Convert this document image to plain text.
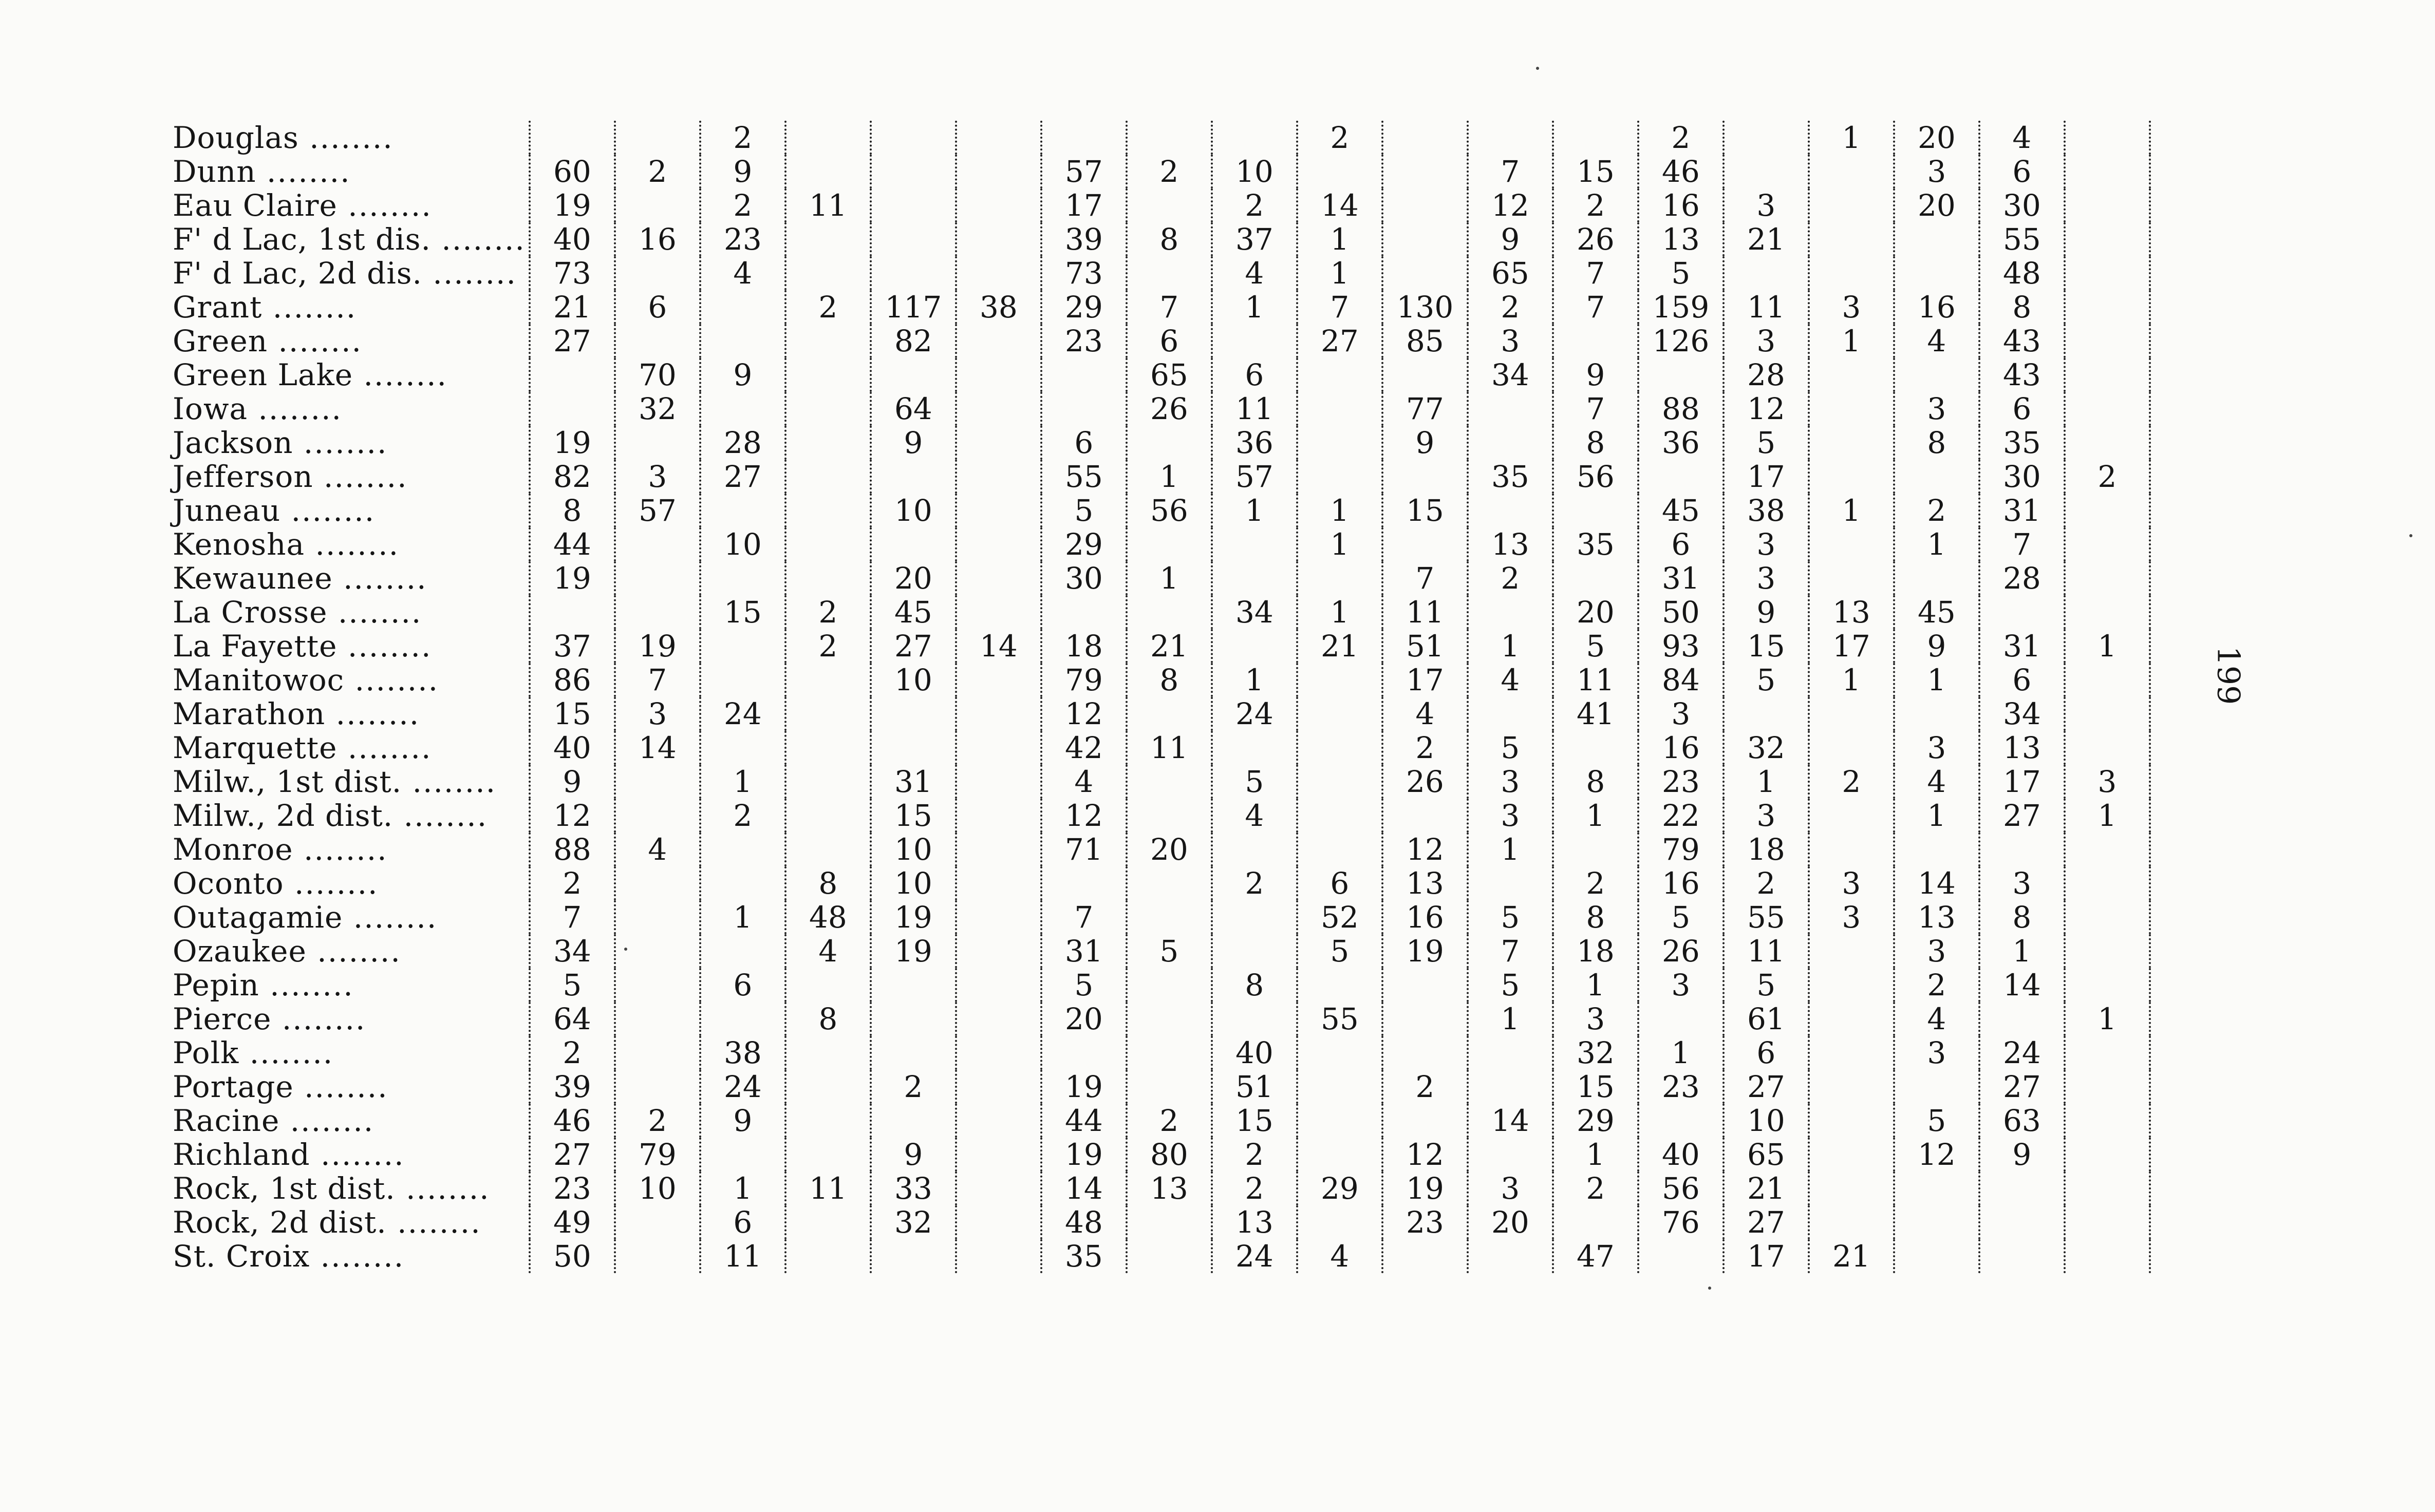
Douglas .....			2							2				2		1	20	4	
Dunn .....	60	2	9				57	2	10			7	15	46			3	6	
Eau Claire .....	19		2	11			17		2	14		12	2	16	3		20	30	
F' d Lac, 1st dis. .....	40	16	23				39	8	37	1		9	26	13	21			55	
F' d Lac, 2d dis. .....	73		4				73		4	1		65	7	5				48	
Grant .....	21	6		2	117	38	29	7	1	7	130	2	7	159	11	3	16	8	
Green .....	27				82		23	6		27	85	3		126	3	1	4	43	
Green Lake .....		70	9					65	6			34	9		28			43	
Iowa .....		32			64			26	11		77		7	88	12		3	6	
Jackson .....	19		28		9		6		36		9		8	36	5		8	35	
Jefferson .....	82	3	27				55	1	57			35	56		17			30	2
Juneau .....	8	57			10		5	56	1	1	15			45	38	1	2	31	
Kenosha .....	44		10				29			1		13	35	6	3		1	7	
Kewaunee .....	19				20		30	1			7	2		31	3			28	
La Crosse .....			15	2	45				34	1	11		20	50	9	13	45		
La Fayette .....	37	19		2	27	14	18	21		21	51	1	5	93	15	17	9	31	1
Manitowoc .....	86	7			10		79	8	1		17	4	11	84	5	1	1	6	
Marathon .....	15	3	24				12		24		4		41	3				34	
Marquette .....	40	14					42	11			2	5		16	32		3	13	
Milw., 1st dist. .....	9		1		31		4		5		26	3	8	23	1	2	4	17	3
Milw., 2d dist. .....	12		2		15		12		4			3	1	22	3		1	27	1
Monroe .....	88	4			10		71	20			12	1		79	18				
Oconto .....	2			8	10				2	6	13		2	16	2	3	14	3	
Outagamie .....	7		1	48	19		7			52	16	5	8	5	55	3	13	8	
Ozaukee .....	34			4	19		31	5		5	19	7	18	26	11		3	1	
Pepin .....	5		6				5		8			5	1	3	5		2	14	
Pierce .....	64			8			20			55		1	3		61		4		1
Polk .....	2		38						40				32	1	6		3	24	
Portage .....	39		24		2		19		51		2		15	23	27			27	
Racine .....	46	2	9				44	2	15			14	29		10		5	63	
Richland .....	27	79			9		19	80	2		12		1	40	65		12	9	
Rock, 1st dist. .....	23	10	1	11	33		14	13	2	29	19	3	2	56	21				
Rock, 2d dist. .....	49		6		32		48		13		23	20		76	27				
St. Croix .....	50		11				35		24	4			47		17	21			
199
